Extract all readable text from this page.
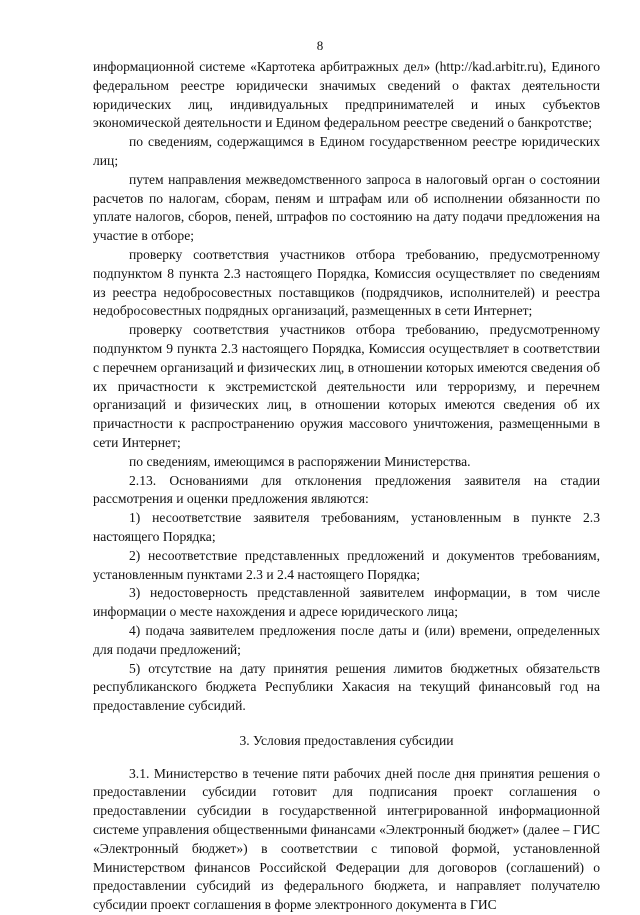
8

информационной системе «Картотека арбитражных дел» (http://kad.arbitr.ru), Единого федеральном реестре юридически значимых сведений о фактах деятельности юридических лиц, индивидуальных предпринимателей и иных субъектов экономической деятельности и Едином федеральном реестре сведений о банкротстве;

по сведениям, содержащимся в Едином государственном реестре юридических лиц;

путем направления межведомственного запроса в налоговый орган о состоянии расчетов по налогам, сборам, пеням и штрафам или об исполнении обязанности по уплате налогов, сборов, пеней, штрафов по состоянию на дату подачи предложения на участие в отборе;

проверку соответствия участников отбора требованию, предусмотренному подпунктом 8 пункта 2.3 настоящего Порядка, Комиссия осуществляет по сведениям из реестра недобросовестных поставщиков (подрядчиков, исполнителей) и реестра недобросовестных подрядных организаций, размещенных в сети Интернет;

проверку соответствия участников отбора требованию, предусмотренному подпунктом 9 пункта 2.3 настоящего Порядка, Комиссия осуществляет в соответствии с перечнем организаций и физических лиц, в отношении которых имеются сведения об их причастности к экстремистской деятельности или терроризму, и перечнем организаций и физических лиц, в отношении которых имеются сведения об их причастности к распространению оружия массового уничтожения, размещенными в сети Интернет;

по сведениям, имеющимся в распоряжении Министерства.

2.13. Основаниями для отклонения предложения заявителя на стадии рассмотрения и оценки предложения являются:

1) несоответствие заявителя требованиям, установленным в пункте 2.3 настоящего Порядка;

2) несоответствие представленных предложений и документов требованиям, установленным пунктами 2.3 и 2.4 настоящего Порядка;

3) недостоверность представленной заявителем информации, в том числе информации о месте нахождения и адресе юридического лица;

4) подача заявителем предложения после даты и (или) времени, определенных для подачи предложений;

5) отсутствие на дату принятия решения лимитов бюджетных обязательств республиканского бюджета Республики Хакасия на текущий финансовый год на предоставление субсидий.

3. Условия предоставления субсидии

3.1. Министерство в течение пяти рабочих дней после дня принятия решения о предоставлении субсидии готовит для подписания проект соглашения о предоставлении субсидии в государственной интегрированной информационной системе управления общественными финансами «Электронный бюджет» (далее – ГИС «Электронный бюджет») в соответствии с типовой формой, установленной Министерством финансов Российской Федерации для договоров (соглашений) о предоставлении субсидий из федерального бюджета, и направляет получателю субсидии проект соглашения в форме электронного документа в ГИС
